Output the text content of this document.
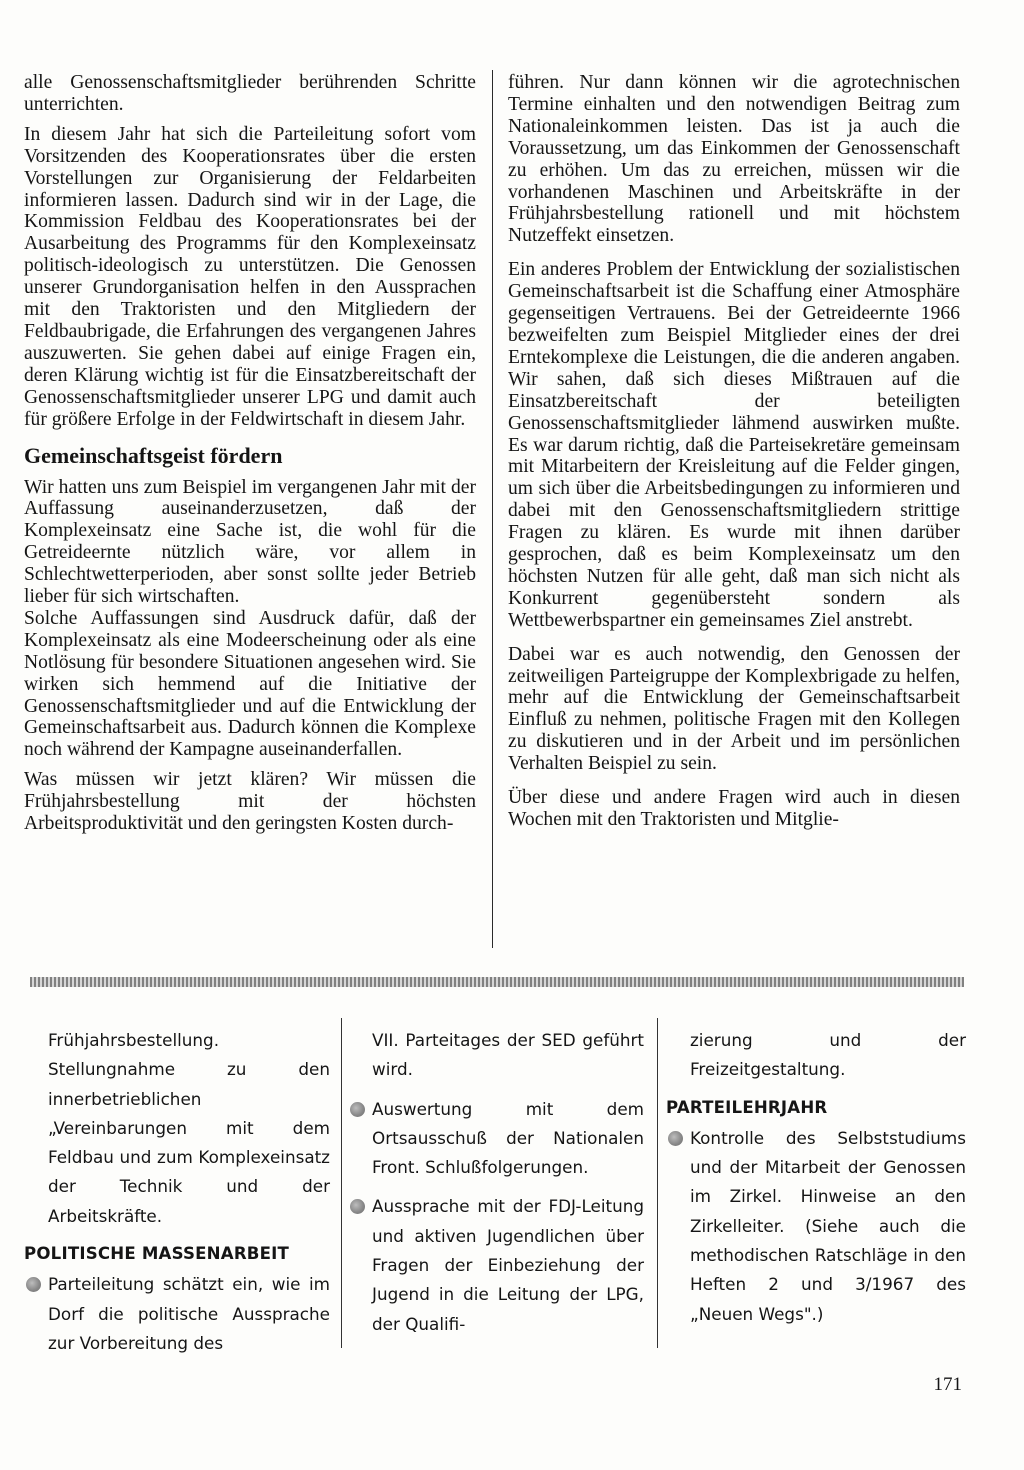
alle Genossenschaftsmitglieder berührenden Schritte unterrichten.

In diesem Jahr hat sich die Parteileitung sofort vom Vorsitzenden des Kooperationsrates über die ersten Vorstellungen zur Organisierung der Feldarbeiten informieren lassen. Dadurch sind wir in der Lage, die Kommission Feldbau des Kooperationsrates bei der Ausarbeitung des Programms für den Komplexeinsatz politisch-ideologisch zu unterstützen. Die Genossen unserer Grundorganisation helfen in den Aussprachen mit den Traktoristen und den Mitgliedern der Feldbaubrigade, die Erfahrungen des vergangenen Jahres auszuwerten. Sie gehen dabei auf einige Fragen ein, deren Klärung wichtig ist für die Einsatzbereitschaft der Genossenschaftsmitglieder unserer LPG und damit auch für größere Erfolge in der Feldwirtschaft in diesem Jahr.

Gemeinschaftsgeist fördern

Wir hatten uns zum Beispiel im vergangenen Jahr mit der Auffassung auseinanderzusetzen, daß der Komplexeinsatz eine Sache ist, die wohl für die Getreideernte nützlich wäre, vor allem in Schlechtwetterperioden, aber sonst sollte jeder Betrieb lieber für sich wirtschaften.

Solche Auffassungen sind Ausdruck dafür, daß der Komplexeinsatz als eine Modeerscheinung oder als eine Notlösung für besondere Situationen angesehen wird. Sie wirken sich hemmend auf die Initiative der Genossenschaftsmitglieder und auf die Entwicklung der Gemeinschaftsarbeit aus. Dadurch können die Komplexe noch während der Kampagne auseinanderfallen.

Was müssen wir jetzt klären? Wir müssen die Frühjahrsbestellung mit der höchsten Arbeitsproduktivität und den geringsten Kosten durch-

führen. Nur dann können wir die agrotechnischen Termine einhalten und den notwendigen Beitrag zum Nationaleinkommen leisten. Das ist ja auch die Voraussetzung, um das Einkommen der Genossenschaft zu erhöhen. Um das zu erreichen, müssen wir die vorhandenen Maschinen und Arbeitskräfte in der Frühjahrsbestellung rationell und mit höchstem Nutzeffekt einsetzen.

Ein anderes Problem der Entwicklung der sozialistischen Gemeinschaftsarbeit ist die Schaffung einer Atmosphäre gegenseitigen Vertrauens. Bei der Getreideernte 1966 bezweifelten zum Beispiel Mitglieder eines der drei Erntekomplexe die Leistungen, die die anderen angaben. Wir sahen, daß sich dieses Mißtrauen auf die Einsatzbereitschaft der beteiligten Genossenschaftsmitglieder lähmend auswirken mußte. Es war darum richtig, daß die Parteisekretäre gemeinsam mit Mitarbeitern der Kreisleitung auf die Felder gingen, um sich über die Arbeitsbedingungen zu informieren und dabei mit den Genossenschaftsmitgliedern strittige Fragen zu klären. Es wurde mit ihnen darüber gesprochen, daß es beim Komplexeinsatz um den höchsten Nutzen für alle geht, daß man sich nicht als Konkurrent gegenübersteht sondern als Wettbewerbspartner ein gemeinsames Ziel anstrebt.

Dabei war es auch notwendig, den Genossen der zeitweiligen Parteigruppe der Komplexbrigade zu helfen, mehr auf die Entwicklung der Gemeinschaftsarbeit Einfluß zu nehmen, politische Fragen mit den Kollegen zu diskutieren und in der Arbeit und im persönlichen Verhalten Beispiel zu sein.

Über diese und andere Fragen wird auch in diesen Wochen mit den Traktoristen und Mitglie-

Frühjahrsbestellung. Stellungnahme zu den innerbetrieblichen „Vereinbarungen mit dem Feldbau und zum Komplexeinsatz der Technik und der Arbeitskräfte.
POLITISCHE MASSENARBEIT
Parteileitung schätzt ein, wie im Dorf die politische Aussprache zur Vorbereitung des
VII. Parteitages der SED geführt wird.
Auswertung mit dem Ortsausschuß der Nationalen Front. Schlußfolgerungen.
Aussprache mit der FDJ-Leitung und aktiven Jugendlichen über Fragen der Einbeziehung der Jugend in die Leitung der LPG, der Qualifi-
zierung und der Freizeitgestaltung.
PARTEILEHRJAHR
Kontrolle des Selbststudiums und der Mitarbeit der Genossen im Zirkel. Hinweise an den Zirkelleiter. (Siehe auch die methodischen Ratschläge in den Heften 2 und 3/1967 des „Neuen Wegs".)
171
